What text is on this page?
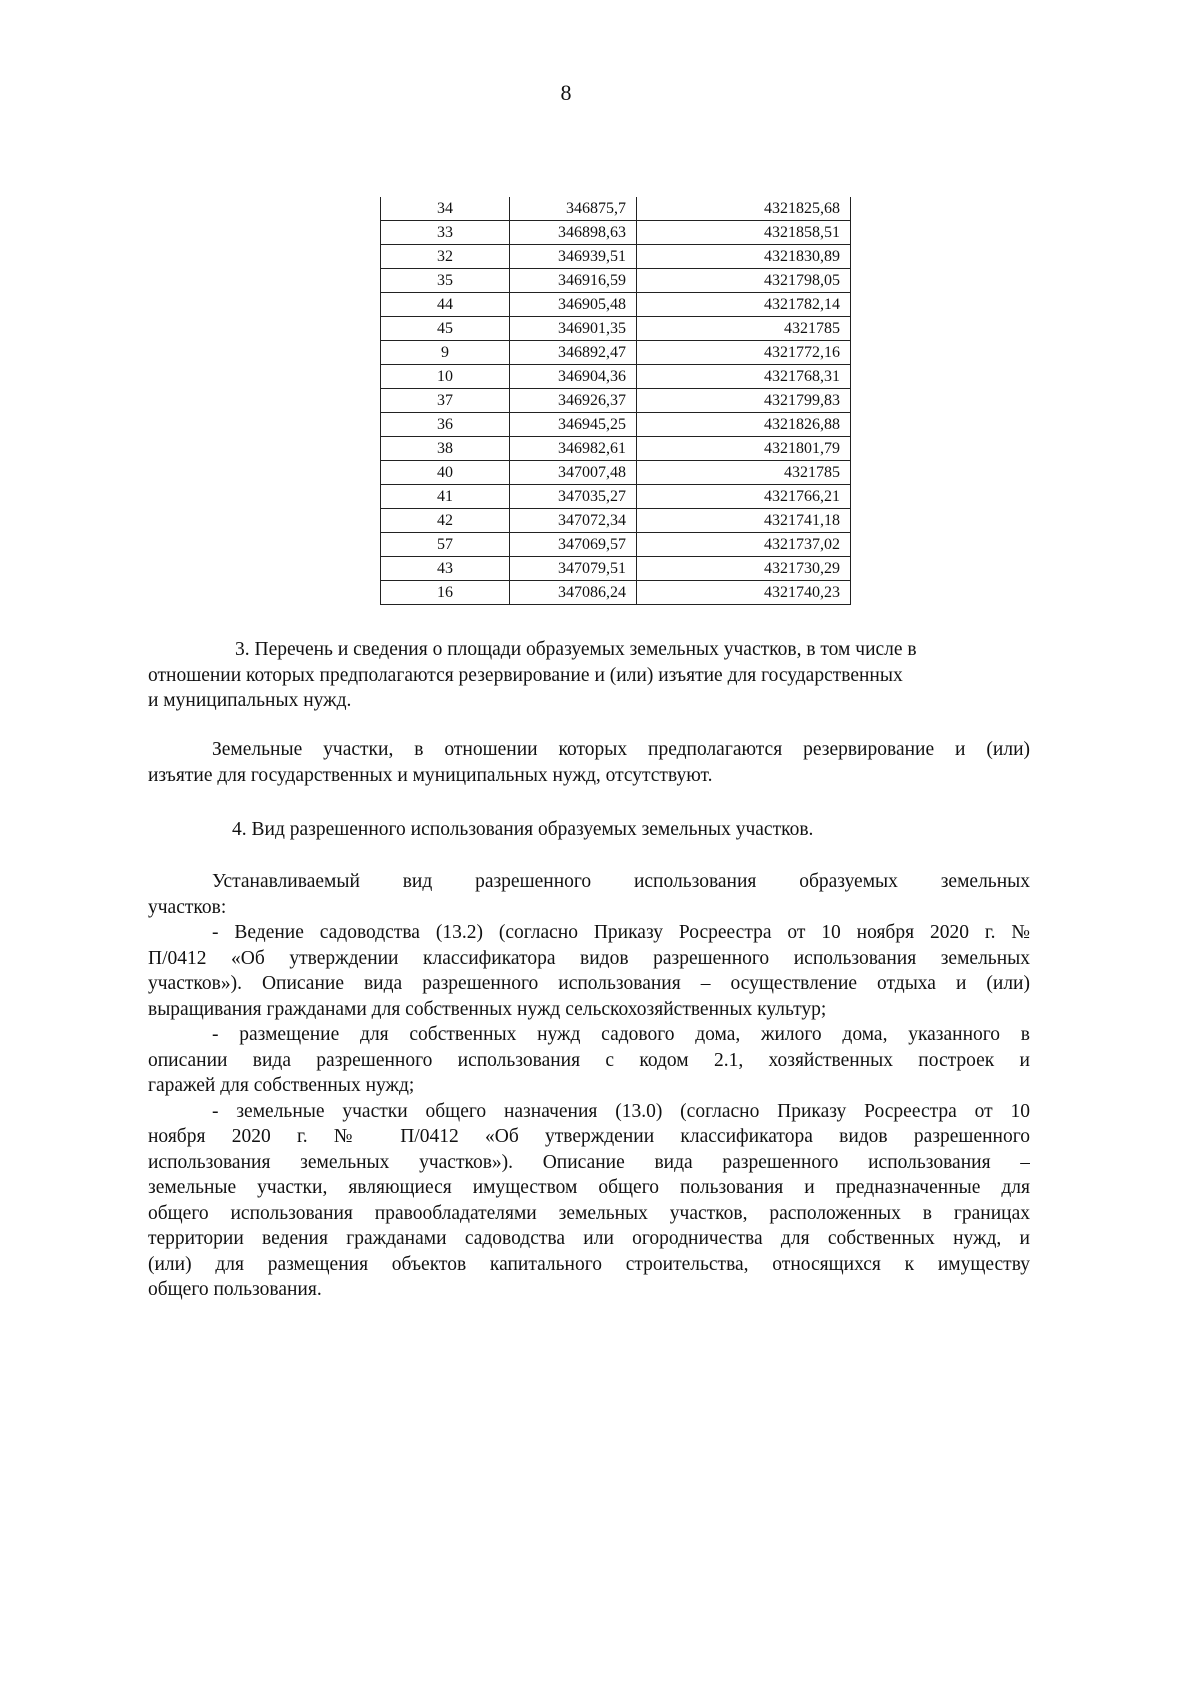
8
34	346875,7	4321825,68
33	346898,63	4321858,51
32	346939,51	4321830,89
35	346916,59	4321798,05
44	346905,48	4321782,14
45	346901,35	4321785
9	346892,47	4321772,16
10	346904,36	4321768,31
37	346926,37	4321799,83
36	346945,25	4321826,88
38	346982,61	4321801,79
40	347007,48	4321785
41	347035,27	4321766,21
42	347072,34	4321741,18
57	347069,57	4321737,02
43	347079,51	4321730,29
16	347086,24	4321740,23
3. Перечень и сведения о площади образуемых земельных участков, в том числе в
отношении которых предполагаются резервирование и (или) изъятие для государственных
и муниципальных нужд.
Земельные участки, в отношении которых предполагаются резервирование и (или)
изъятие для государственных и муниципальных нужд, отсутствуют.
4. Вид разрешенного использования образуемых земельных участков.
Устанавливаемый вид разрешенного использования образуемых земельных
участков:
- Ведение садоводства (13.2) (согласно Приказу Росреестра от 10 ноября 2020 г. №
П/0412 «Об утверждении классификатора видов разрешенного использования земельных
участков»). Описание вида разрешенного использования – осуществление отдыха и (или)
выращивания гражданами для собственных нужд сельскохозяйственных культур;
- размещение для собственных нужд садового дома, жилого дома, указанного в
описании вида разрешенного использования с кодом 2.1, хозяйственных построек и
гаражей для собственных нужд;
- земельные участки общего назначения (13.0) (согласно Приказу Росреестра от 10
ноября 2020 г. № П/0412 «Об утверждении классификатора видов разрешенного
использования земельных участков»). Описание вида разрешенного использования –
земельные участки, являющиеся имуществом общего пользования и предназначенные для
общего использования правообладателями земельных участков, расположенных в границах
территории ведения гражданами садоводства или огородничества для собственных нужд, и
(или) для размещения объектов капитального строительства, относящихся к имуществу
общего пользования.
